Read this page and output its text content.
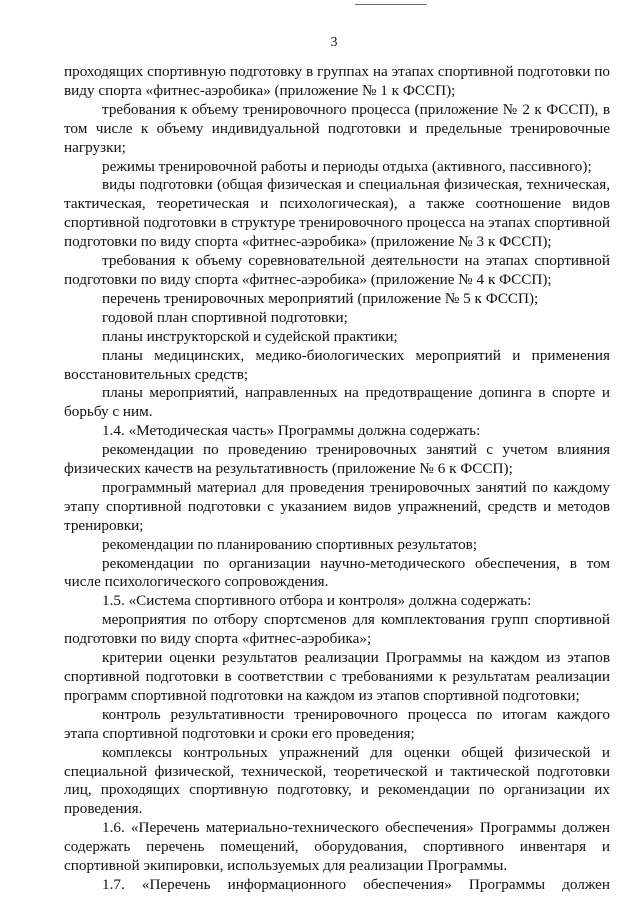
3

проходящих спортивную подготовку в группах на этапах спортивной подготовки по виду спорта «фитнес-аэробика» (приложение № 1 к ФССП);

требования к объему тренировочного процесса (приложение № 2 к ФССП), в том числе к объему индивидуальной подготовки и предельные тренировочные нагрузки;

режимы тренировочной работы и периоды отдыха (активного, пассивного);

виды подготовки (общая физическая и специальная физическая, техническая, тактическая, теоретическая и психологическая), а также соотношение видов спортивной подготовки в структуре тренировочного процесса на этапах спортивной подготовки по виду спорта «фитнес-аэробика» (приложение № 3 к ФССП);

требования к объему соревновательной деятельности на этапах спортивной подготовки по виду спорта «фитнес-аэробика» (приложение № 4 к ФССП);

перечень тренировочных мероприятий (приложение № 5 к ФССП);

годовой план спортивной подготовки;

планы инструкторской и судейской практики;

планы медицинских, медико-биологических мероприятий и применения восстановительных средств;

планы мероприятий, направленных на предотвращение допинга в спорте и борьбу с ним.

1.4. «Методическая часть» Программы должна содержать:

рекомендации по проведению тренировочных занятий с учетом влияния физических качеств на результативность (приложение № 6 к ФССП);

программный материал для проведения тренировочных занятий по каждому этапу спортивной подготовки с указанием видов упражнений, средств и методов тренировки;

рекомендации по планированию спортивных результатов;

рекомендации по организации научно-методического обеспечения, в том числе психологического сопровождения.

1.5. «Система спортивного отбора и контроля» должна содержать:

мероприятия по отбору спортсменов для комплектования групп спортивной подготовки по виду спорта «фитнес-аэробика»;

критерии оценки результатов реализации Программы на каждом из этапов спортивной подготовки в соответствии с требованиями к результатам реализации программ спортивной подготовки на каждом из этапов спортивной подготовки;

контроль результативности тренировочного процесса по итогам каждого этапа спортивной подготовки и сроки его проведения;

комплексы контрольных упражнений для оценки общей физической и специальной физической, технической, теоретической и тактической подготовки лиц, проходящих спортивную подготовку, и рекомендации по организации их проведения.

1.6. «Перечень материально-технического обеспечения» Программы должен содержать перечень помещений, оборудования, спортивного инвентаря и спортивной экипировки, используемых для реализации Программы.

1.7. «Перечень информационного обеспечения» Программы должен
